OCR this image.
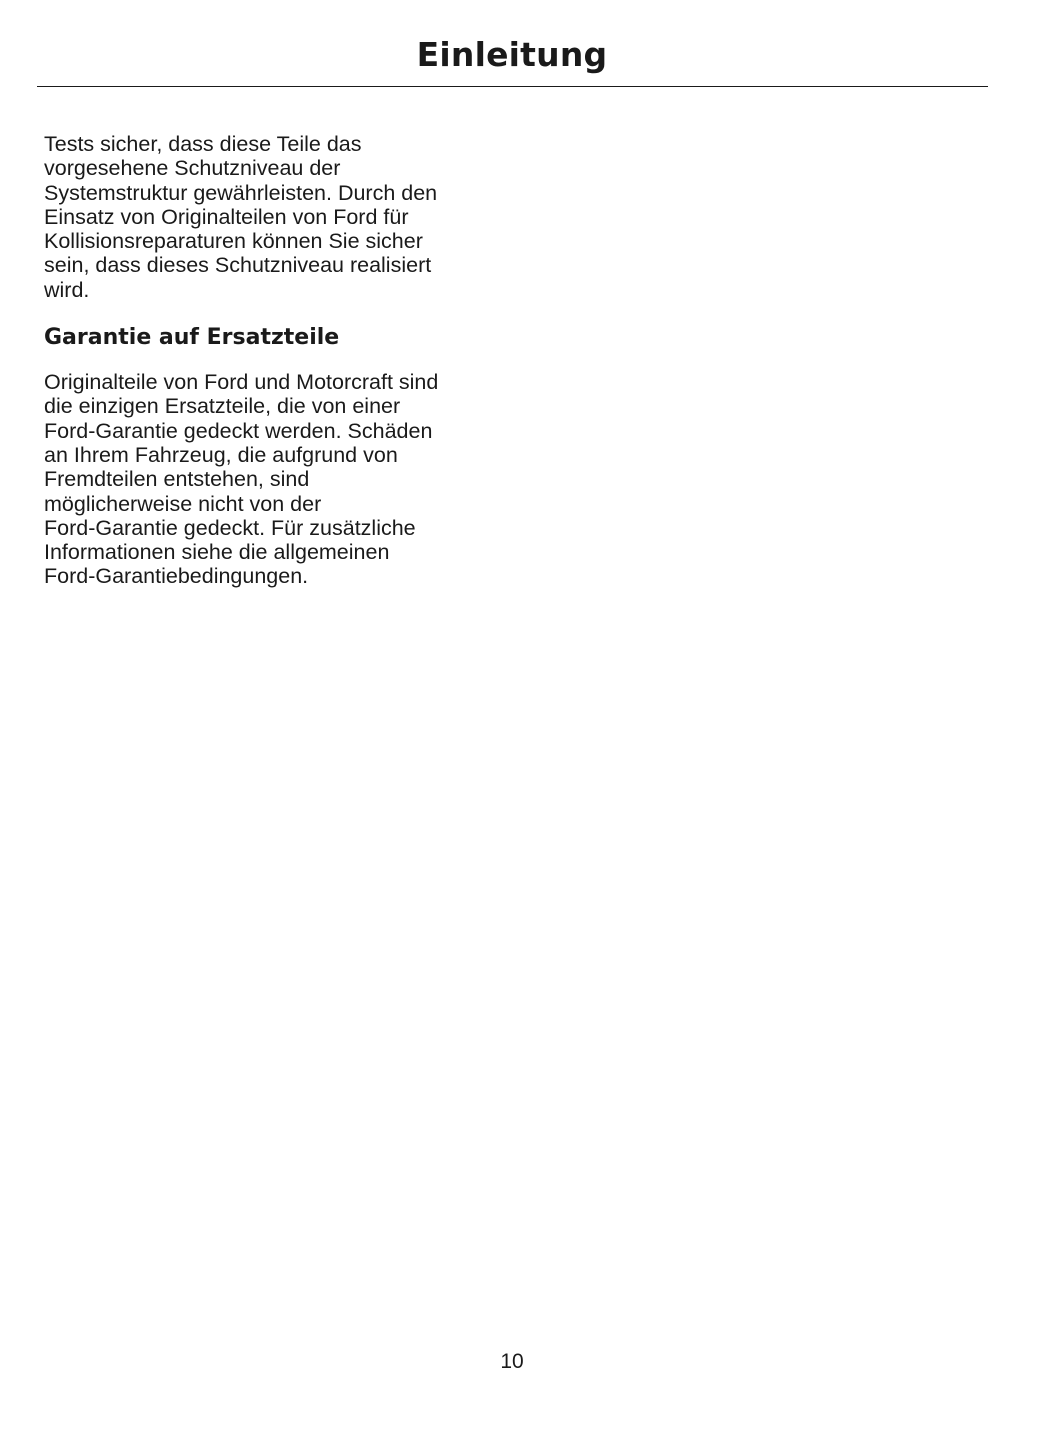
Einleitung

Tests sicher, dass diese Teile das
vorgesehene Schutzniveau der
Systemstruktur gewährleisten. Durch den
Einsatz von Originalteilen von Ford für
Kollisionsreparaturen können Sie sicher
sein, dass dieses Schutzniveau realisiert
wird.

Garantie auf Ersatzteile

Originalteile von Ford und Motorcraft sind
die einzigen Ersatzteile, die von einer
Ford-Garantie gedeckt werden. Schäden
an Ihrem Fahrzeug, die aufgrund von
Fremdteilen entstehen, sind
möglicherweise nicht von der
Ford-Garantie gedeckt. Für zusätzliche
Informationen siehe die allgemeinen
Ford-Garantiebedingungen.

10
